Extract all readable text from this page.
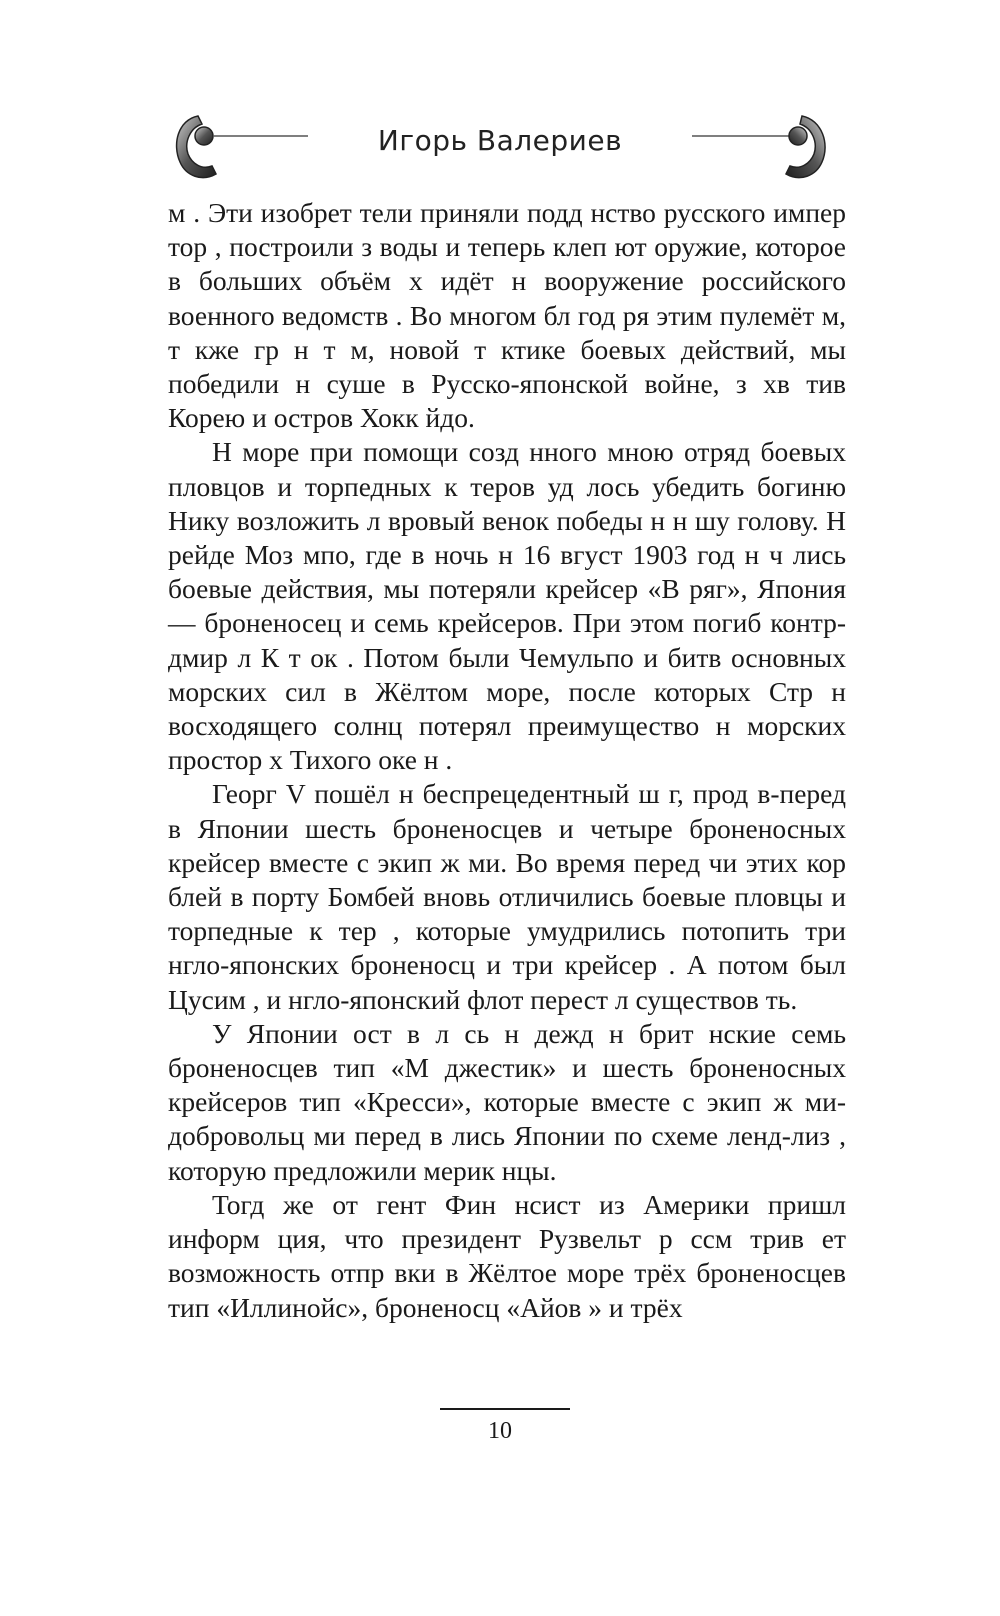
Игорь Валериев

м . Эти изобрет тели приняли подд нство русского импер тор , построили з воды и теперь клеп ют оружие, которое в больших объём х идёт н вооружение российского военного ведомств . Во многом бл год ря этим пулемёт м, т кже гр н т м, новой т ктике боевых действий, мы победили н суше в Русско-японской войне, з хв тив Корею и остров Хокк йдо.

Н море при помощи созд нного мною отряд боевых пловцов и торпедных к теров уд лось убедить богиню Нику возложить л вровый венок победы н н шу голову. Н рейде Моз мпо, где в ночь н 16 вгуст 1903 год н ч лись боевые действия, мы потеряли крейсер «В ряг», Япония — броненосец и семь крейсеров. При этом погиб контр- дмир л К т ок . Потом были Чемульпо и битв основных морских сил в Жёлтом море, после которых Стр н восходящего солнц потерял преимущество н морских простор х Тихого оке н .

Георг V пошёл н беспрецедентный ш г, прод в-перед в Японии шесть броненосцев и четыре броненосных крейсер вместе с экип ж ми. Во время перед чи этих кор блей в порту Бомбей вновь отличились боевые пловцы и торпедные к тер , которые умудрились потопить три нгло-японских броненосц и три крейсер . А потом был Цусим , и нгло-японский флот перест л существов ть.

У Японии ост в л сь н дежд н брит нские семь броненосцев тип «М джестик» и шесть броненосных крейсеров тип «Кресси», которые вместе с экип ж ми-добровольц ми перед в лись Японии по схеме ленд-лиз , которую предложили мерик нцы.

Тогд же от гент Фин нсист из Америки пришл информ ция, что президент Рузвельт р ссм трив ет возможность отпр вки в Жёлтое море трёх броненосцев тип «Иллинойс», броненосц «Айов » и трёх

10
